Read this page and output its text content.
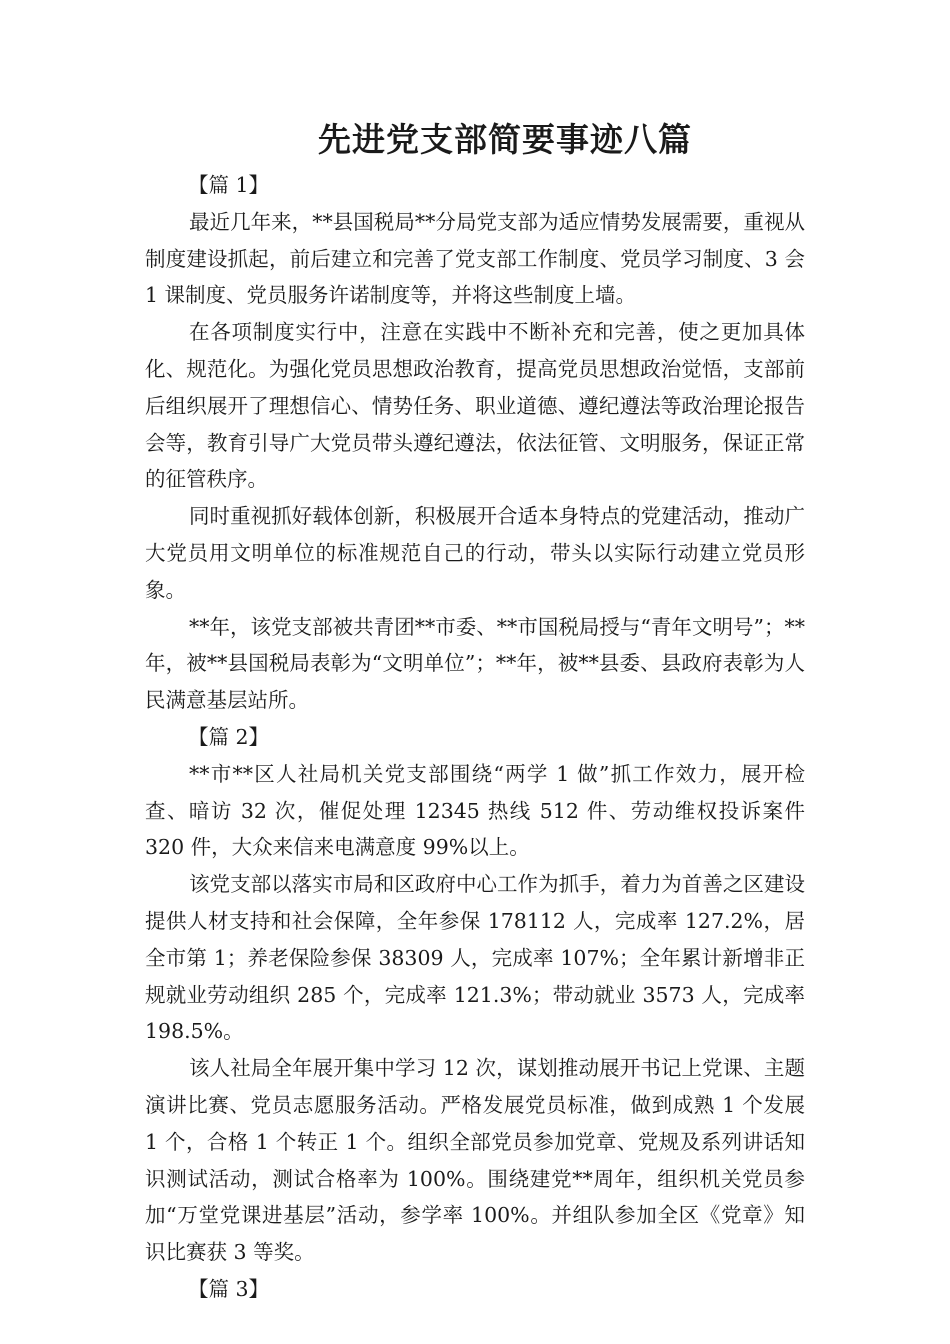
先进党支部简要事迹八篇

【篇 1】

最近几年来，**县国税局**分局党支部为适应情势发展需要，重视从制度建设抓起，前后建立和完善了党支部工作制度、党员学习制度、3 会 1 课制度、党员服务许诺制度等，并将这些制度上墙。

在各项制度实行中，注意在实践中不断补充和完善，使之更加具体化、规范化。为强化党员思想政治教育，提高党员思想政治觉悟，支部前后组织展开了理想信心、情势任务、职业道德、遵纪遵法等政治理论报告会等，教育引导广大党员带头遵纪遵法，依法征管、文明服务，保证正常的征管秩序。

同时重视抓好载体创新，积极展开合适本身特点的党建活动，推动广大党员用文明单位的标准规范自己的行动，带头以实际行动建立党员形象。

**年，该党支部被共青团**市委、**市国税局授与“青年文明号”；**年，被**县国税局表彰为“文明单位”；**年，被**县委、县政府表彰为人民满意基层站所。

【篇 2】

**市**区人社局机关党支部围绕“两学 1 做”抓工作效力，展开检查、暗访 32 次，催促处理 12345 热线 512 件、劳动维权投诉案件 320 件，大众来信来电满意度 99%以上。

该党支部以落实市局和区政府中心工作为抓手，着力为首善之区建设提供人材支持和社会保障，全年参保 178112 人，完成率 127.2%，居全市第 1；养老保险参保 38309 人，完成率 107%；全年累计新增非正规就业劳动组织 285 个，完成率 121.3%；带动就业 3573 人，完成率 198.5%。

该人社局全年展开集中学习 12 次，谋划推动展开书记上党课、主题演讲比赛、党员志愿服务活动。严格发展党员标准，做到成熟 1 个发展 1 个，合格 1 个转正 1 个。组织全部党员参加党章、党规及系列讲话知识测试活动，测试合格率为 100%。围绕建党**周年，组织机关党员参加“万堂党课进基层”活动，参学率 100%。并组队参加全区《党章》知识比赛获 3 等奖。

【篇 3】
